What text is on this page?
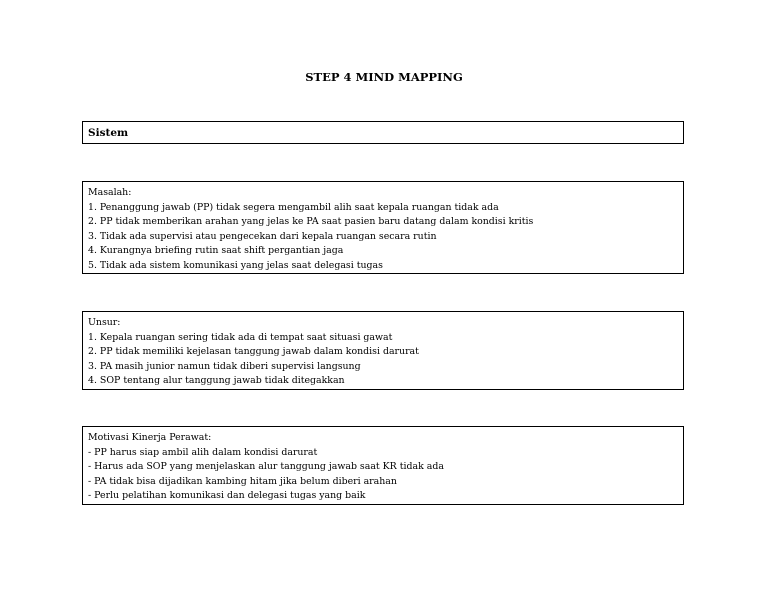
STEP 4 MIND MAPPING
Sistem
Masalah:
1. Penanggung jawab (PP) tidak segera mengambil alih saat kepala ruangan tidak ada
2. PP tidak memberikan arahan yang jelas ke PA saat pasien baru datang dalam kondisi kritis
3. Tidak ada supervisi atau pengecekan dari kepala ruangan secara rutin
4. Kurangnya briefing rutin saat shift pergantian jaga
5. Tidak ada sistem komunikasi yang jelas saat delegasi tugas
Unsur:
1. Kepala ruangan sering tidak ada di tempat saat situasi gawat
2. PP tidak memiliki kejelasan tanggung jawab dalam kondisi darurat
3. PA masih junior namun tidak diberi supervisi langsung
4. SOP tentang alur tanggung jawab tidak ditegakkan
Motivasi Kinerja Perawat:
- PP harus siap ambil alih dalam kondisi darurat
- Harus ada SOP yang menjelaskan alur tanggung jawab saat KR tidak ada
- PA tidak bisa dijadikan kambing hitam jika belum diberi arahan
- Perlu pelatihan komunikasi dan delegasi tugas yang baik
